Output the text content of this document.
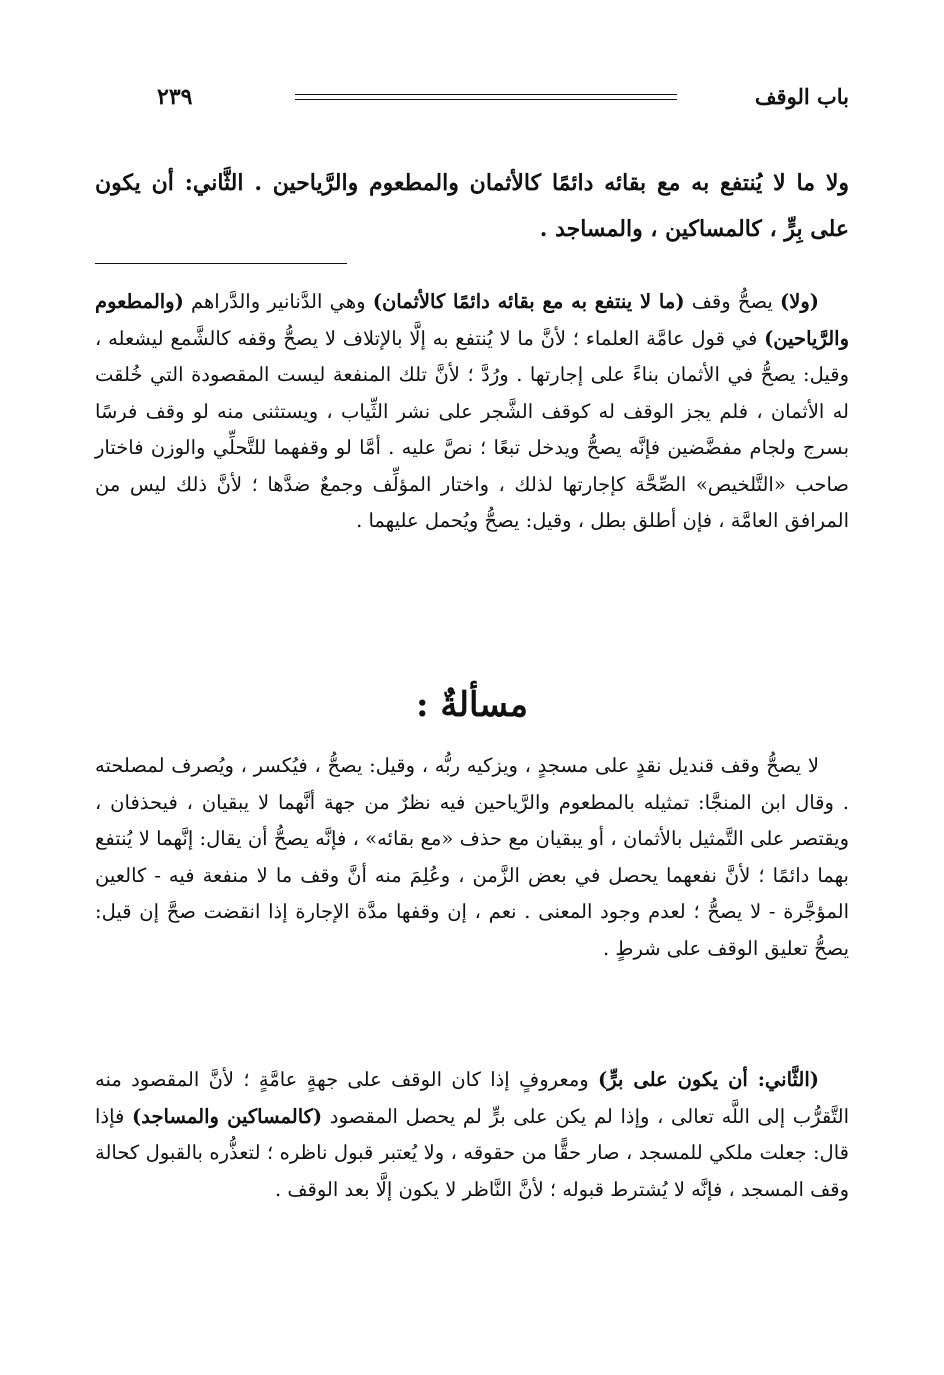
باب الوقف
٢٣٩
ولا ما لا يُنتفع به مع بقائه دائمًا كالأثمان والمطعوم والرَّياحين . الثَّاني: أن يكون على بِرٍّ ، كالمساكين ، والمساجد .
(ولا) يصحُّ وقف (ما لا ينتفع به مع بقائه دائمًا كالأثمان) وهي الدَّنانير والدَّراهم (والمطعوم والرَّياحين) في قول عامَّة العلماء ؛ لأنَّ ما لا يُنتفع به إلَّا بالإتلاف لا يصحُّ وقفه كالشَّمع ليشعله ، وقيل: يصحُّ في الأثمان بناءً على إجارتها . ورُدَّ ؛ لأنَّ تلك المنفعة ليست المقصودة التي خُلقت له الأثمان ، فلم يجز الوقف له كوقف الشَّجر على نشر الثِّياب ، ويستثنى منه لو وقف فرسًا بسرج ولجام مفضَّضين فإنَّه يصحُّ ويدخل تبعًا ؛ نصَّ عليه . أمَّا لو وقفهما للتَّحلِّي والوزن فاختار صاحب «التَّلخيص» الصِّحَّة كإجارتها لذلك ، واختار المؤلِّف وجمعٌ ضدَّها ؛ لأنَّ ذلك ليس من المرافق العامَّة ، فإن أطلق بطل ، وقيل: يصحُّ ويُحمل عليهما .
مسألةٌ :
لا يصحُّ وقف قنديل نقدٍ على مسجدٍ ، ويزكيه ربُّه ، وقيل: يصحُّ ، فيُكسر ، ويُصرف لمصلحته . وقال ابن المنجَّا: تمثيله بالمطعوم والرَّياحين فيه نظرٌ من جهة أنَّهما لا يبقيان ، فيحذفان ، ويقتصر على التَّمثيل بالأثمان ، أو يبقيان مع حذف «مع بقائه» ، فإنَّه يصحُّ أن يقال: إنَّهما لا يُنتفع بهما دائمًا ؛ لأنَّ نفعهما يحصل في بعض الزَّمن ، وعُلِمَ منه أنَّ وقف ما لا منفعة فيه - كالعين المؤجَّرة - لا يصحُّ ؛ لعدم وجود المعنى . نعم ، إن وقفها مدَّة الإجارة إذا انقضت صحَّ إن قيل: يصحُّ تعليق الوقف على شرطٍ .
(الثَّاني: أن يكون على برٍّ) ومعروفٍ إذا كان الوقف على جهةٍ عامَّةٍ ؛ لأنَّ المقصود منه التَّقرُّب إلى اللَّه تعالى ، وإذا لم يكن على برٍّ لم يحصل المقصود (كالمساكين والمساجد) فإذا قال: جعلت ملكي للمسجد ، صار حقًّا من حقوقه ، ولا يُعتبر قبول ناظره ؛ لتعذُّره بالقبول كحالة وقف المسجد ، فإنَّه لا يُشترط قبوله ؛ لأنَّ النَّاظر لا يكون إلَّا بعد الوقف .
